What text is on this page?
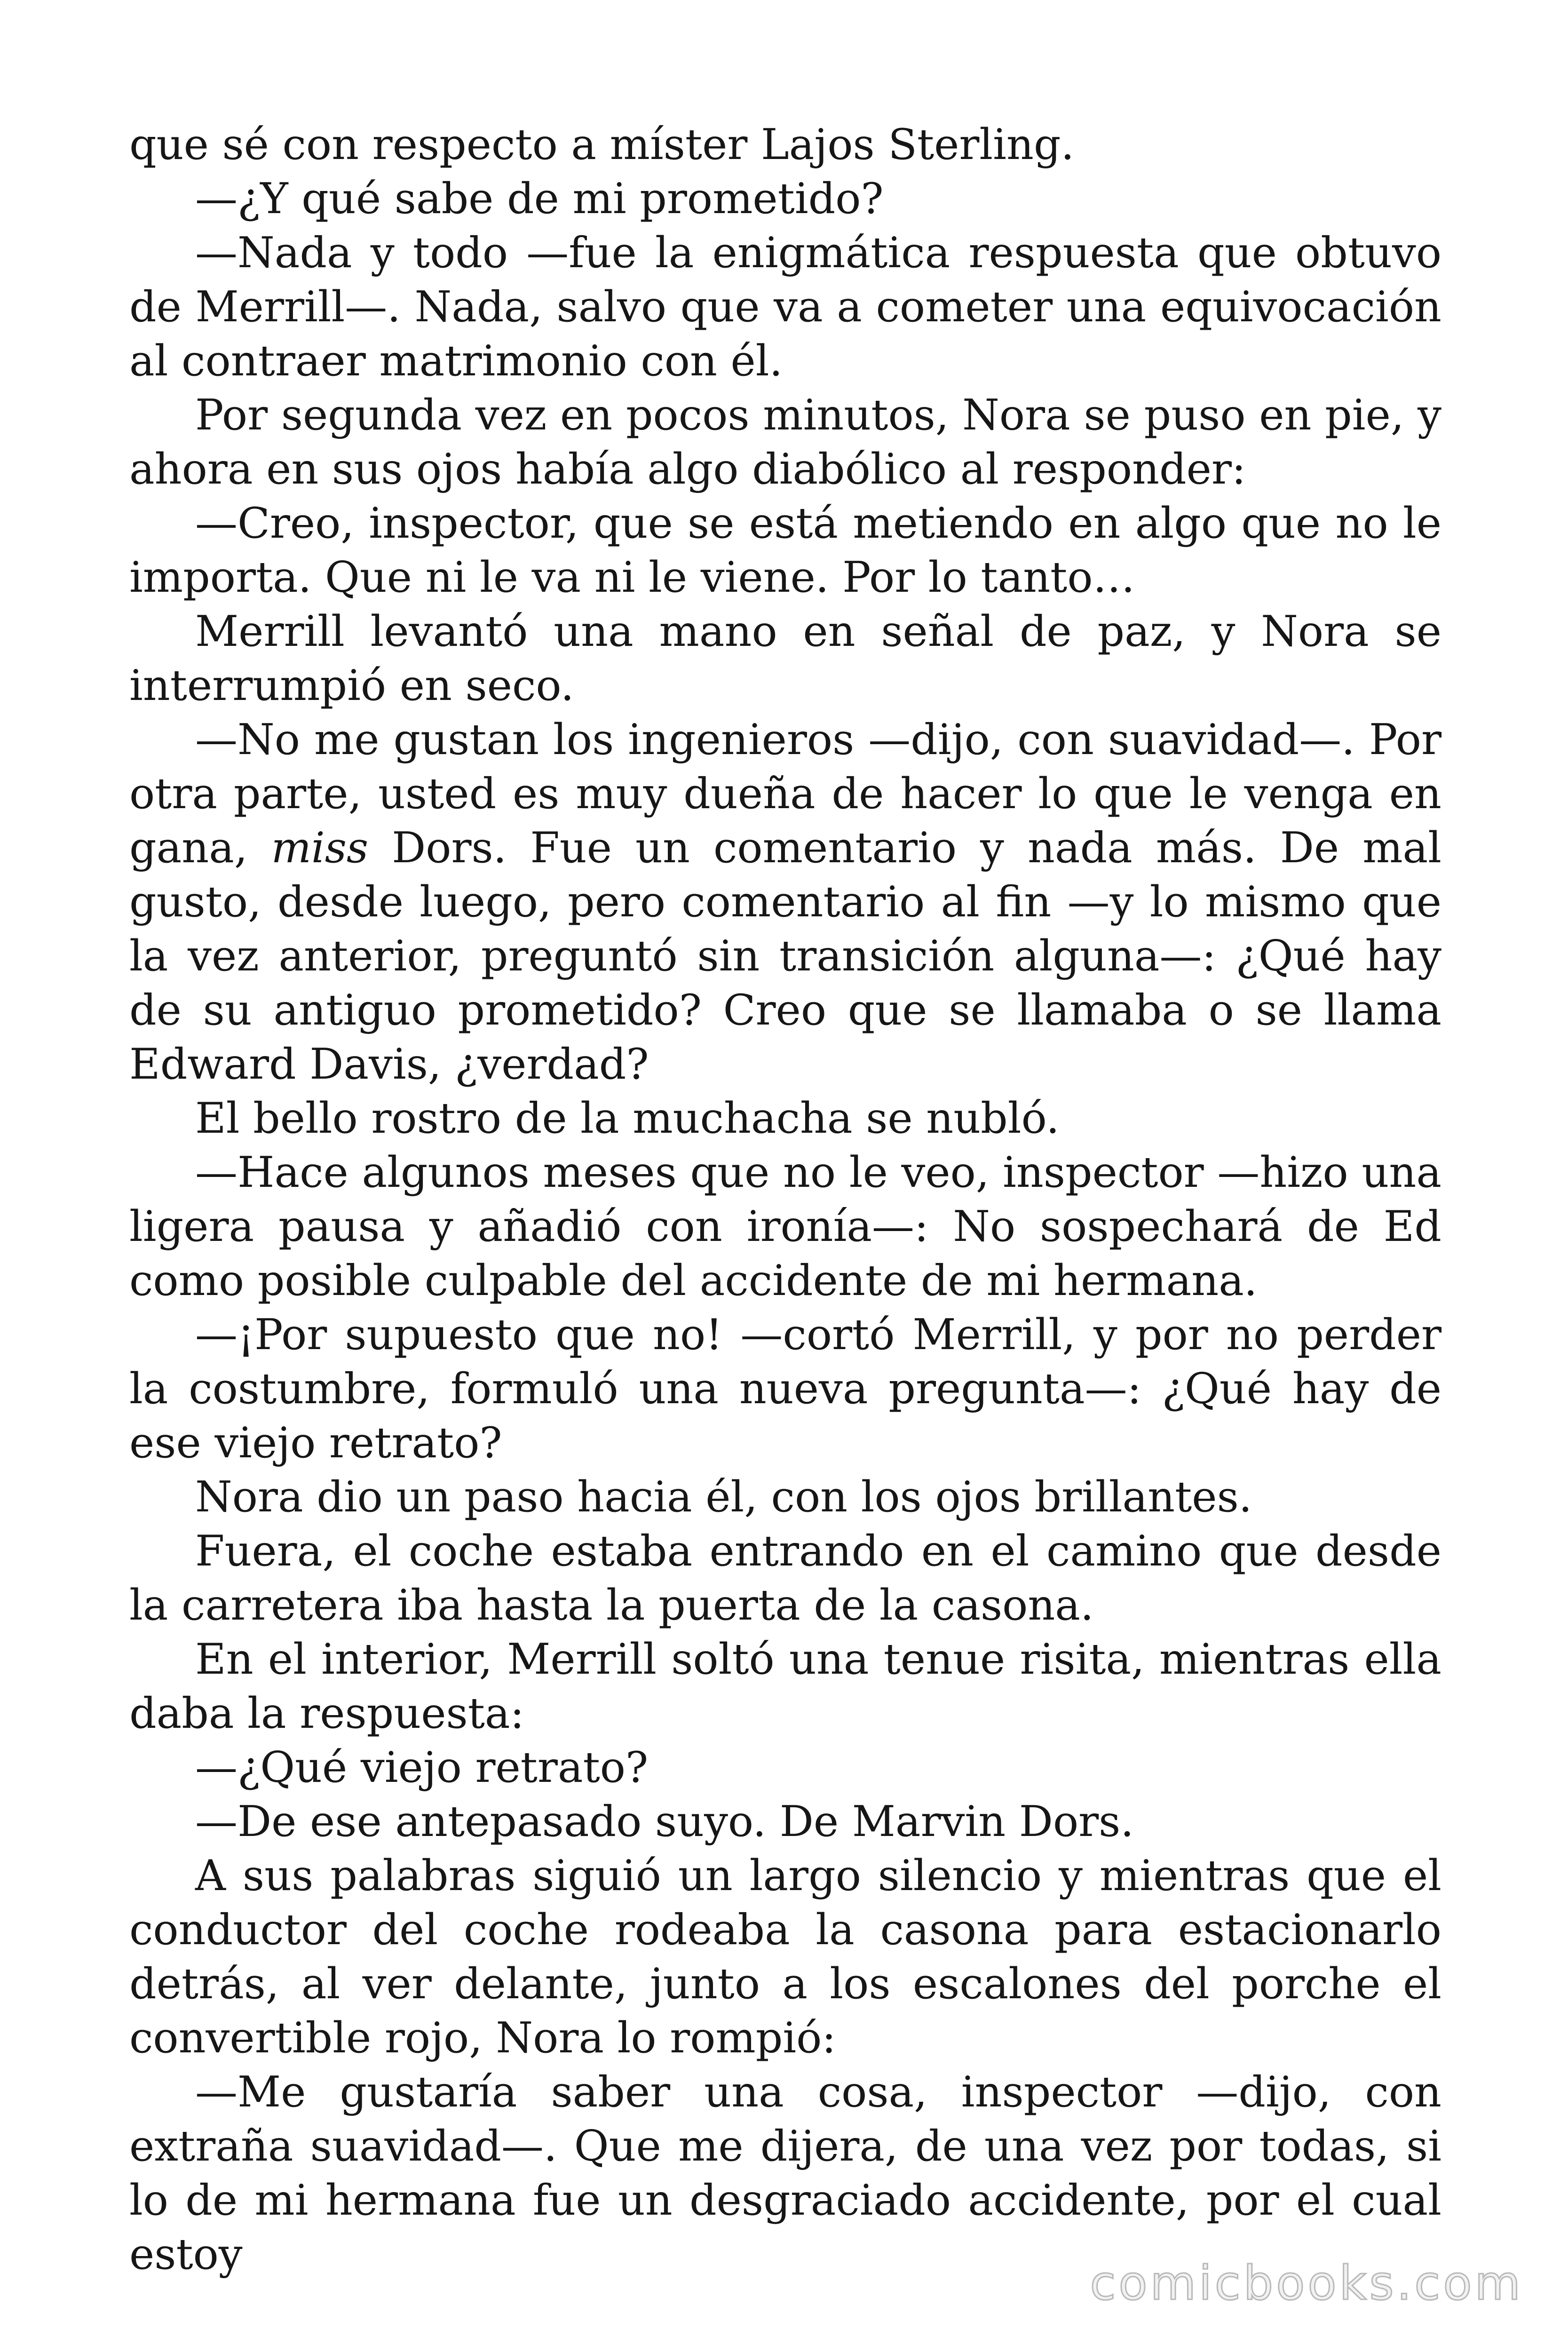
que sé con respecto a míster Lajos Sterling.

—¿Y qué sabe de mi prometido?

—Nada y todo —fue la enigmática respuesta que obtuvo de Merrill—. Nada, salvo que va a cometer una equivocación al contraer matrimonio con él.

Por segunda vez en pocos minutos, Nora se puso en pie, y ahora en sus ojos había algo diabólico al responder:

—Creo, inspector, que se está metiendo en algo que no le importa. Que ni le va ni le viene. Por lo tanto…

Merrill levantó una mano en señal de paz, y Nora se interrumpió en seco.

—No me gustan los ingenieros —dijo, con suavidad—. Por otra parte, usted es muy dueña de hacer lo que le venga en gana, miss Dors. Fue un comentario y nada más. De mal gusto, desde luego, pero comentario al fin —y lo mismo que la vez anterior, preguntó sin transición alguna—: ¿Qué hay de su antiguo prometido? Creo que se llamaba o se llama Edward Davis, ¿verdad?

El bello rostro de la muchacha se nubló.

—Hace algunos meses que no le veo, inspector —hizo una ligera pausa y añadió con ironía—: No sospechará de Ed como posible culpable del accidente de mi hermana.

—¡Por supuesto que no! —cortó Merrill, y por no perder la costumbre, formuló una nueva pregunta—: ¿Qué hay de ese viejo retrato?

Nora dio un paso hacia él, con los ojos brillantes.

Fuera, el coche estaba entrando en el camino que desde la carretera iba hasta la puerta de la casona.

En el interior, Merrill soltó una tenue risita, mientras ella daba la respuesta:

—¿Qué viejo retrato?

—De ese antepasado suyo. De Marvin Dors.

A sus palabras siguió un largo silencio y mientras que el conductor del coche rodeaba la casona para estacionarlo detrás, al ver delante, junto a los escalones del porche el convertible rojo, Nora lo rompió:

—Me gustaría saber una cosa, inspector —dijo, con extraña suavidad—. Que me dijera, de una vez por todas, si lo de mi hermana fue un desgraciado accidente, por el cual estoy

comicbooks.com
